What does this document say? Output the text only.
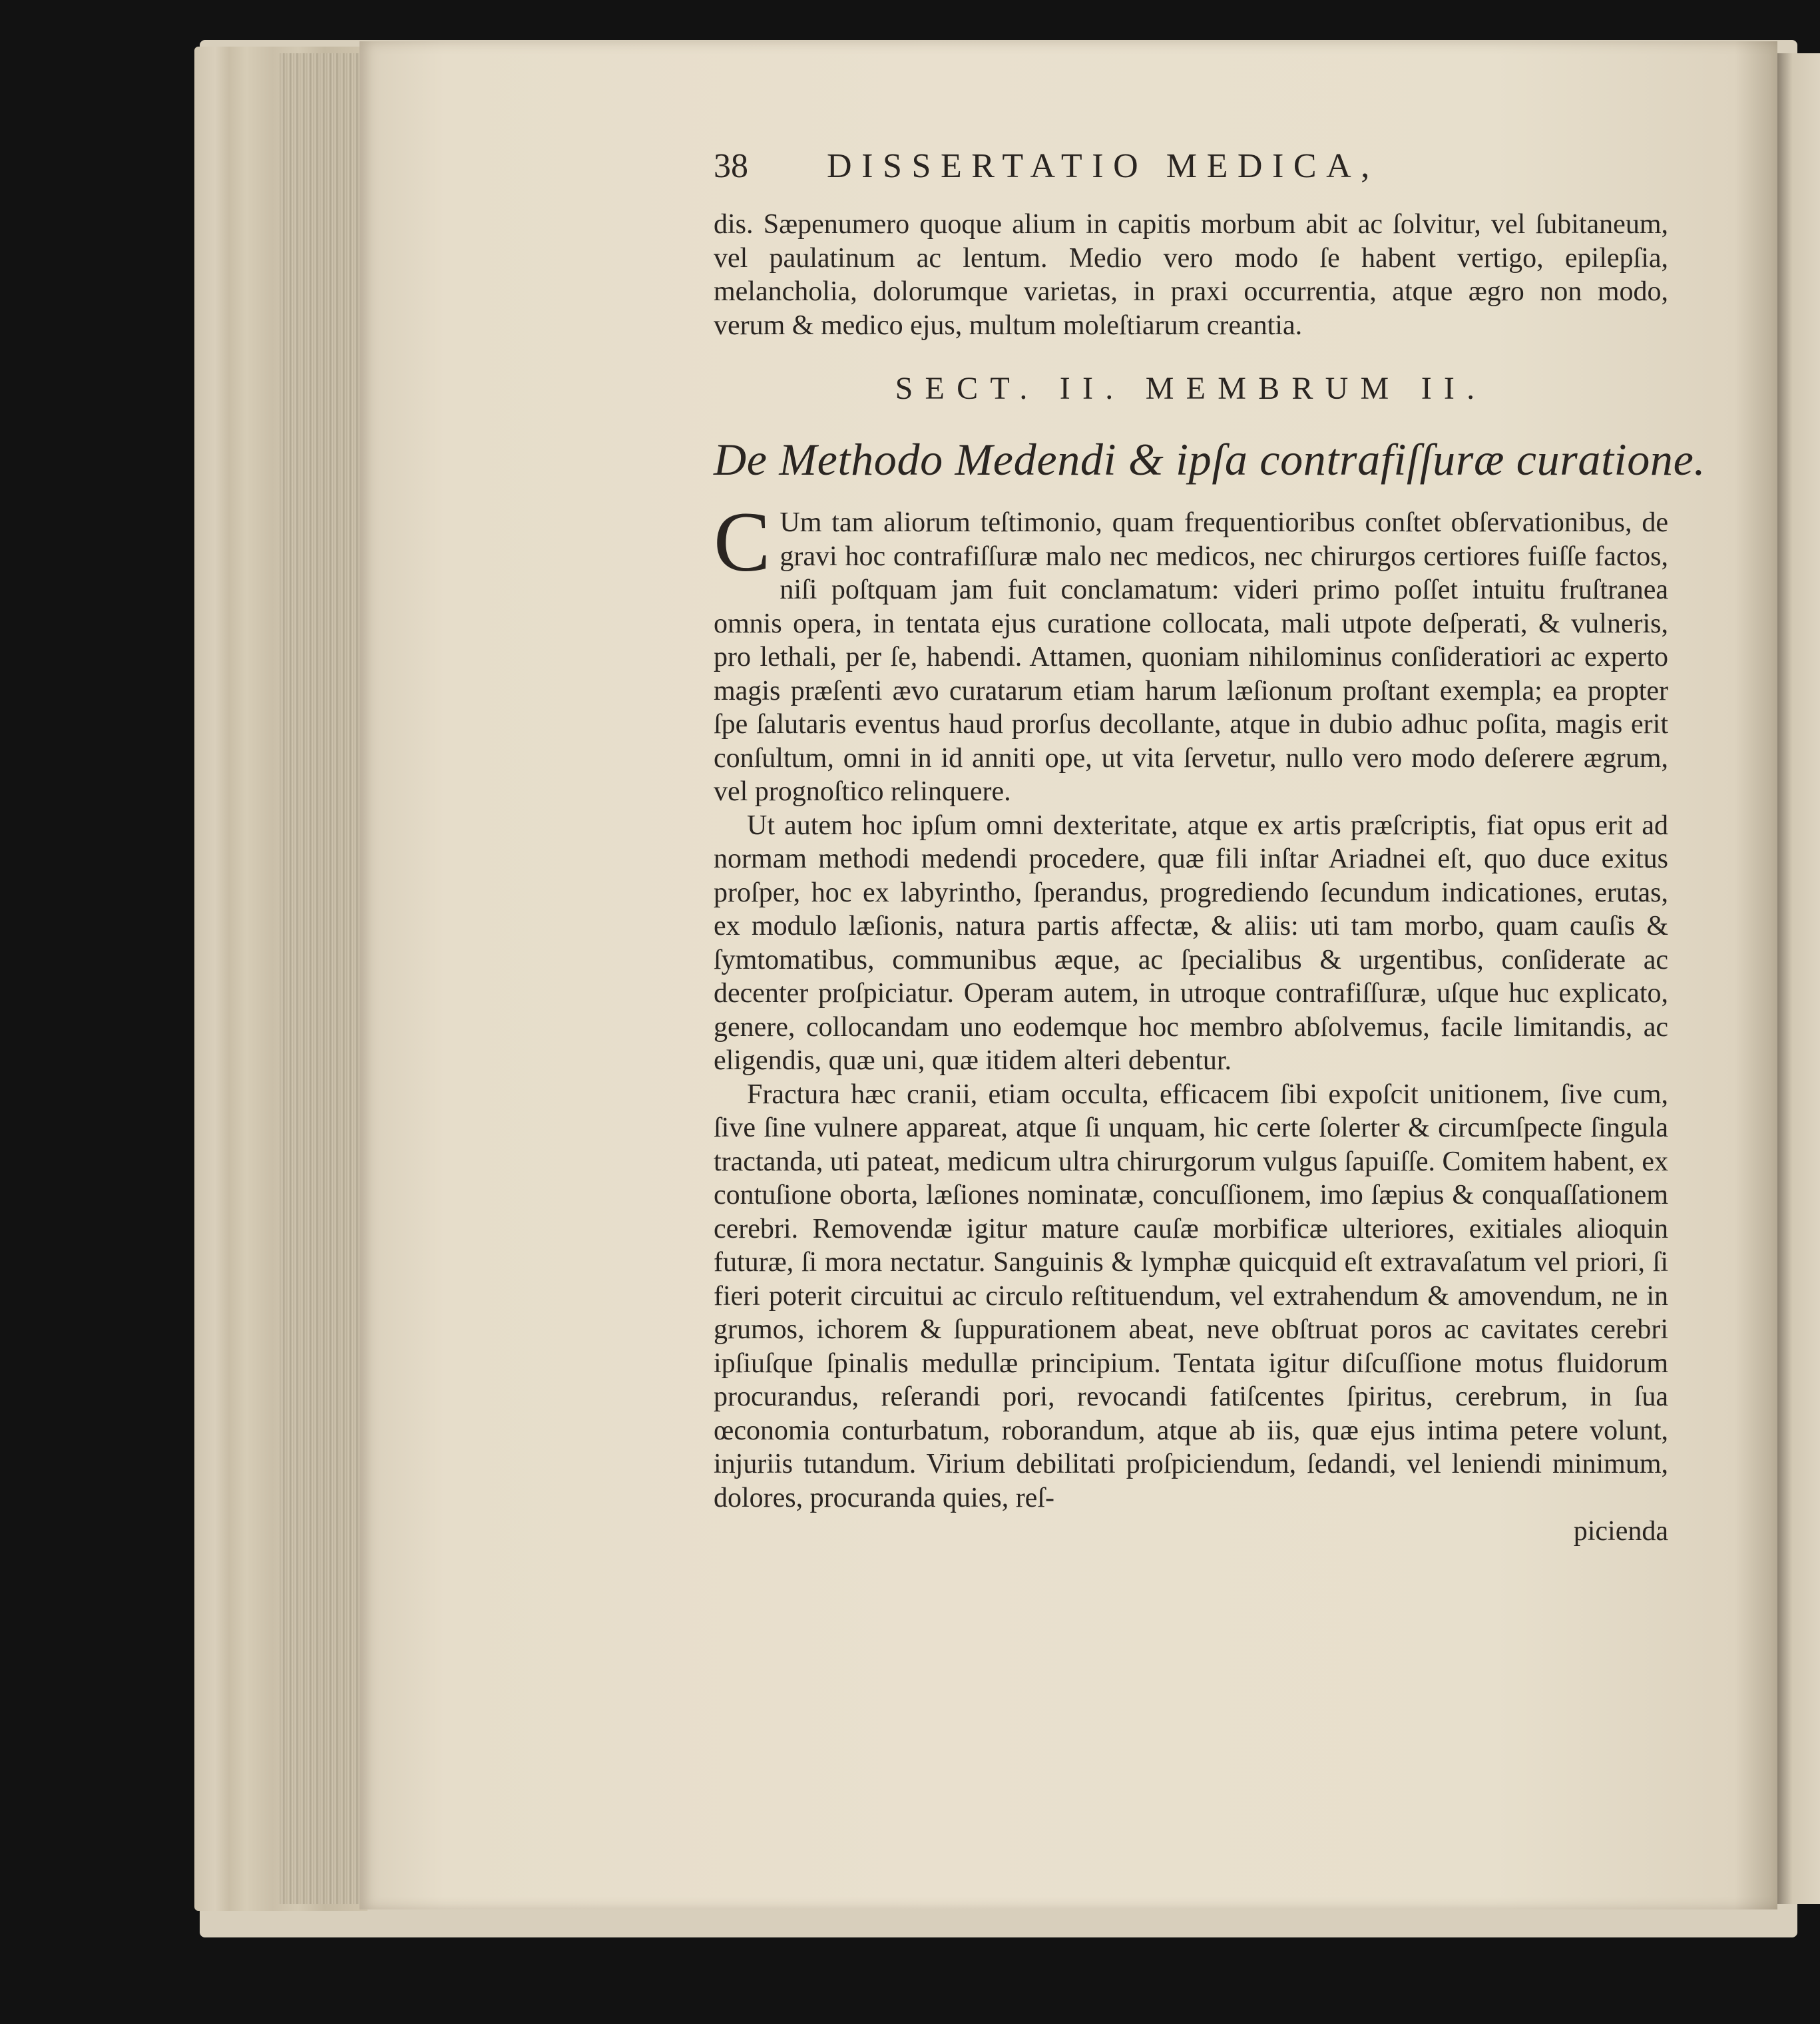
38	DISSERTATIO MEDICA,

dis. Sæpenumero quoque alium in capitis morbum abit ac ſolvitur, vel ſubitaneum, vel paulatinum ac lentum. Medio vero modo ſe habent vertigo, epilepſia, melancholia, dolorumque varietas, in praxi occurrentia, atque ægro non modo, verum & medico ejus, multum moleſtiarum creantia.

SECT. II. MEMBRUM II.
De Methodo Medendi & ipſa contrafiſſuræ curatione.

C Um tam aliorum teſtimonio, quam frequentioribus conſtet obſervationibus, de gravi hoc contrafiſſuræ malo nec medicos, nec chirurgos certiores fuiſſe factos, niſi poſtquam jam fuit conclamatum: videri primo poſſet intuitu fruſtranea omnis opera, in tentata ejus curatione collocata, mali utpote deſperati, & vulneris, pro lethali, per ſe, habendi. Attamen, quoniam nihilominus conſideratiori ac experto magis præſenti ævo curatarum etiam harum læſionum proſtant exempla; ea propter ſpe ſalutaris eventus haud prorſus decollante, atque in dubio adhuc poſita, magis erit conſultum, omni in id anniti ope, ut vita ſervetur, nullo vero modo deſerere ægrum, vel prognoſtico relinquere.

Ut autem hoc ipſum omni dexteritate, atque ex artis præſcriptis, fiat opus erit ad normam methodi medendi procedere, quæ fili inſtar Ariadnei eſt, quo duce exitus proſper, hoc ex labyrintho, ſperandus, progrediendo ſecundum indicationes, erutas, ex modulo læſionis, natura partis affectæ, & aliis: uti tam morbo, quam cauſis & ſymtomatibus, communibus æque, ac ſpecialibus & urgentibus, conſiderate ac decenter proſpiciatur. Operam autem, in utroque contrafiſſuræ, uſque huc explicato, genere, collocandam uno eodemque hoc membro abſolvemus, facile limitandis, ac eligendis, quæ uni, quæ itidem alteri debentur.

Fractura hæc cranii, etiam occulta, efficacem ſibi expoſcit unitionem, ſive cum, ſive ſine vulnere appareat, atque ſi unquam, hic certe ſolerter & circumſpecte ſingula tractanda, uti pateat, medicum ultra chirurgorum vulgus ſapuiſſe. Comitem habent, ex contuſione oborta, læſiones nominatæ, concuſſionem, imo ſæpius & conquaſſationem cerebri. Removendæ igitur mature cauſæ morbificæ ulteriores, exitiales alioquin futuræ, ſi mora nectatur. Sanguinis & lymphæ quicquid eſt extravaſatum vel priori, ſi fieri poterit circuitui ac circulo reſtituendum, vel extrahendum & amovendum, ne in grumos, ichorem & ſuppurationem abeat, neve obſtruat poros ac cavitates cerebri ipſiuſque ſpinalis medullæ principium. Tentata igitur diſcuſſione motus fluidorum procurandus, reſerandi pori, revocandi fatiſcentes ſpiritus, cerebrum, in ſua œconomia conturbatum, roborandum, atque ab iis, quæ ejus intima petere volunt, injuriis tutandum. Virium debilitati proſpiciendum, ſedandi, vel leniendi minimum, dolores, procuranda quies, reſ-

picienda
